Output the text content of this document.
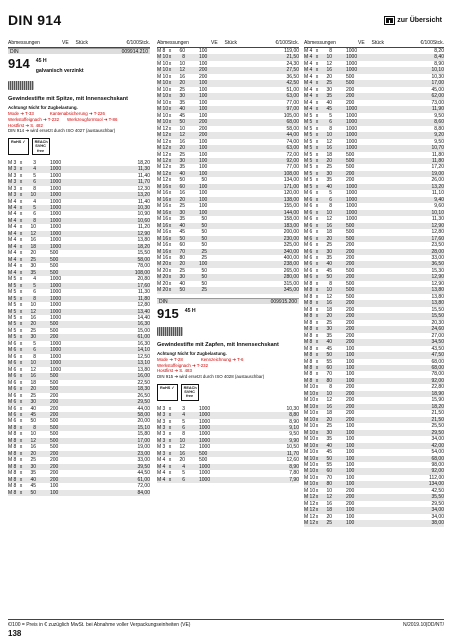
DIN 914	zur Übersicht
Abmessungen	VE	Stück	€/100Stck.
DIN	009914.210
914 45 H
galvanisch verzinkt
Gewindestifte mit Spitze, mit Innensechskant
Achtung! Nicht für Zugbelastung.
Mode ➜ T-33	Kantenabsicherung ➜ T-226
Werkstoffeignach ➜ T-232 Werkzeugformtool ➜ T-86
Hostfirst ➜ S. 482
DIN 914 ➜ wird ersetzt durch ISO 4027 (austauschbar)
RoHS ✓	REACh SVHC free
M 3 x	3	1000	18,20
M 3 x	4	1000	11,30
M 3 x	5	1000	11,40
M 3 x	6	1000	11,70
M 3 x	8	1000	12,30
M 3 x	10	1000	13,20
M 4 x	4	1000	11,40
M 4 x	5	1000	10,30
M 4 x	6	1000	10,90
M 4 x	8	1000	10,60
M 4 x	10	1000	11,20
M 4 x	12	1000	12,90
M 4 x	16	1000	13,80
M 4 x	18	1000	18,20
M 4 x	20	500	15,50
M 4 x	25	500	58,00
M 4 x	30	500	78,00
M 4 x	35	500	108,00
M 5 x	4	1000	20,80
M 5 x	5	1000	17,60
M 5 x	6	1000	11,30
M 5 x	8	1000	11,80
M 5 x	10	1000	12,80
M 5 x	12	1000	13,40
M 5 x	16	1000	14,40
M 5 x	20	500	16,30
M 5 x	25	500	15,00
M 5 x	30	200	61,00
M 6 x	5	1000	16,30
M 6 x	6	1000	14,10
M 6 x	8	1000	12,50
M 6 x	10	1000	13,10
M 6 x	12	1000	13,80
M 6 x	16	500	16,00
M 6 x	18	500	22,50
M 6 x	20	500	18,30
M 6 x	25	200	26,50
M 6 x	30	200	29,50
M 6 x	40	200	44,00
M 6 x	45	200	58,00
M 6 x	50	500	20,00
M 8 x	8	500	15,10
M 8 x	10	500	15,80
M 8 x	12	500	17,00
M 8 x	16	500	19,00
M 8 x	20	200	23,00
M 8 x	25	200	33,00
M 8 x	30	200	39,50
M 8 x	35	200	44,50
M 8 x	40	200	61,00
M 8 x	45	100	72,00
M 8 x	50	100	84,00
Abmessungen	VE	Stück	€/100Stck.
M 8 x	60	100	119,00
M 10 x	8	100	21,50
M 10 x	10	100	24,30
M 10 x	12	200	27,50
M 10 x	16	200	36,50
M 10 x	20	100	42,50
M 10 x	25	100	51,00
M 10 x	30	100	63,00
M 10 x	35	100	77,00
M 10 x	40	100	97,00
M 10 x	45	100	105,00
M 10 x	50	200	68,00
M 12 x	10	200	58,00
M 12 x	12	200	44,00
M 12 x	16	100	74,00
M 12 x	20	100	63,00
M 12 x	25	100	72,00
M 12 x	30	100	92,00
M 12 x	35	100	77,00
M 12 x	40	100	108,00
M 12 x	50	50	134,00
M 16 x	60	100	171,00
M 16 x	16	100	120,00
M 16 x	20	100	138,00
M 16 x	25	100	155,00
M 16 x	30	100	144,00
M 16 x	35	50	158,00
M 16 x	40	50	183,00
M 16 x	45	50	200,00
M 16 x	50	50	230,00
M 16 x	60	50	325,00
M 16 x	70	25	340,00
M 16 x	80	25	400,00
M 20 x	20	100	238,00
M 20 x	25	50	265,00
M 20 x	30	50	280,00
M 20 x	40	50	315,00
M 20 x	50	25	345,00
DIN	009915.200
915 45 H
Gewindestifte mit Zapfen, mit Innensechskant
Achtung! Nicht für Zugbelastung.
Mode ➜ T-28	Kennzeichnung ➜ T-6
Werkstoffeignach ➜ T-232
Hostfirst ➜ S. 483
DIN 915 ➜ wird ersetzt durch ISO 4028 (austauschbar)
RoHS ✓	REACh SVHC free
M 3 x	3	1000	10,30
M 3 x	4	1000	8,80
M 3 x	5	1000	8,90
M 3 x	6	1000	9,10
M 3 x	8	1000	9,50
M 3 x	10	1000	9,90
M 3 x	12	1000	10,50
M 3 x	16	500	11,70
M 4 x	20	500	12,60
M 4 x	4	1000	8,90
M 4 x	5	1000	7,80
M 4 x	6	1000	7,90
Abmessungen	VE	Stück	€/100Stck.
M 4 x	8	1000	8,20
M 4 x	10	1000	8,40
M 4 x	12	1000	8,90
M 4 x	16	1000	10,10
M 4 x	20	500	10,30
M 4 x	25	500	17,00
M 4 x	30	200	45,00
M 4 x	35	200	62,00
M 4 x	40	200	73,00
M 4 x	45	1000	11,90
M 5 x	5	1000	9,50
M 5 x	6	1000	8,60
M 5 x	8	1000	8,80
M 5 x	10	1000	9,20
M 5 x	12	1000	9,50
M 5 x	16	1000	10,70
M 5 x	18	500	11,80
M 5 x	20	500	11,80
M 5 x	25	500	17,20
M 5 x	30	200	19,00
M 5 x	35	200	26,00
M 5 x	40	1000	13,20
M 6 x	5	1000	11,10
M 6 x	6	1000	9,40
M 6 x	8	1000	9,60
M 6 x	10	1000	10,10
M 6 x	12	1000	11,30
M 6 x	16	500	12,90
M 6 x	18	500	12,80
M 6 x	20	500	17,60
M 6 x	25	200	23,50
M 6 x	30	200	28,00
M 6 x	35	200	33,00
M 6 x	40	200	36,50
M 6 x	45	500	15,30
M 6 x	50	200	12,90
M 8 x	8	500	12,90
M 8 x	10	500	13,80
M 8 x	12	500	13,80
M 8 x	16	200	13,80
M 8 x	18	200	15,50
M 8 x	20	200	15,50
M 8 x	25	200	20,30
M 8 x	30	200	24,60
M 8 x	35	200	27,00
M 8 x	40	200	34,50
M 8 x	45	100	43,50
M 8 x	50	100	47,50
M 8 x	55	100	68,00
M 8 x	60	100	68,00
M 8 x	70	100	78,00
M 8 x	80	100	92,00
M 10 x	8	200	22,80
M 10 x	10	200	18,90
M 10 x	12	200	15,90
M 10 x	16	200	18,20
M 10 x	18	200	21,50
M 10 x	20	200	21,50
M 10 x	25	100	25,50
M 10 x	30	100	29,50
M 10 x	35	100	34,00
M 10 x	40	100	42,00
M 10 x	45	100	54,00
M 10 x	50	100	68,00
M 10 x	55	100	98,00
M 10 x	60	100	92,00
M 10 x	70	100	112,00
M 10 x	80	100	134,00
M 10 x	10	200	42,50
M 12 x	12	200	35,50
M 12 x	16	200	29,50
M 12 x	18	100	34,00
M 12 x	20	100	34,00
M 12 x	25	100	38,00
€/100 = Preis in € zuzüglich MwSt. bei Abnahme voller Verpackungseinheiten (VE)	N/2019.10|DD/NT/
138
